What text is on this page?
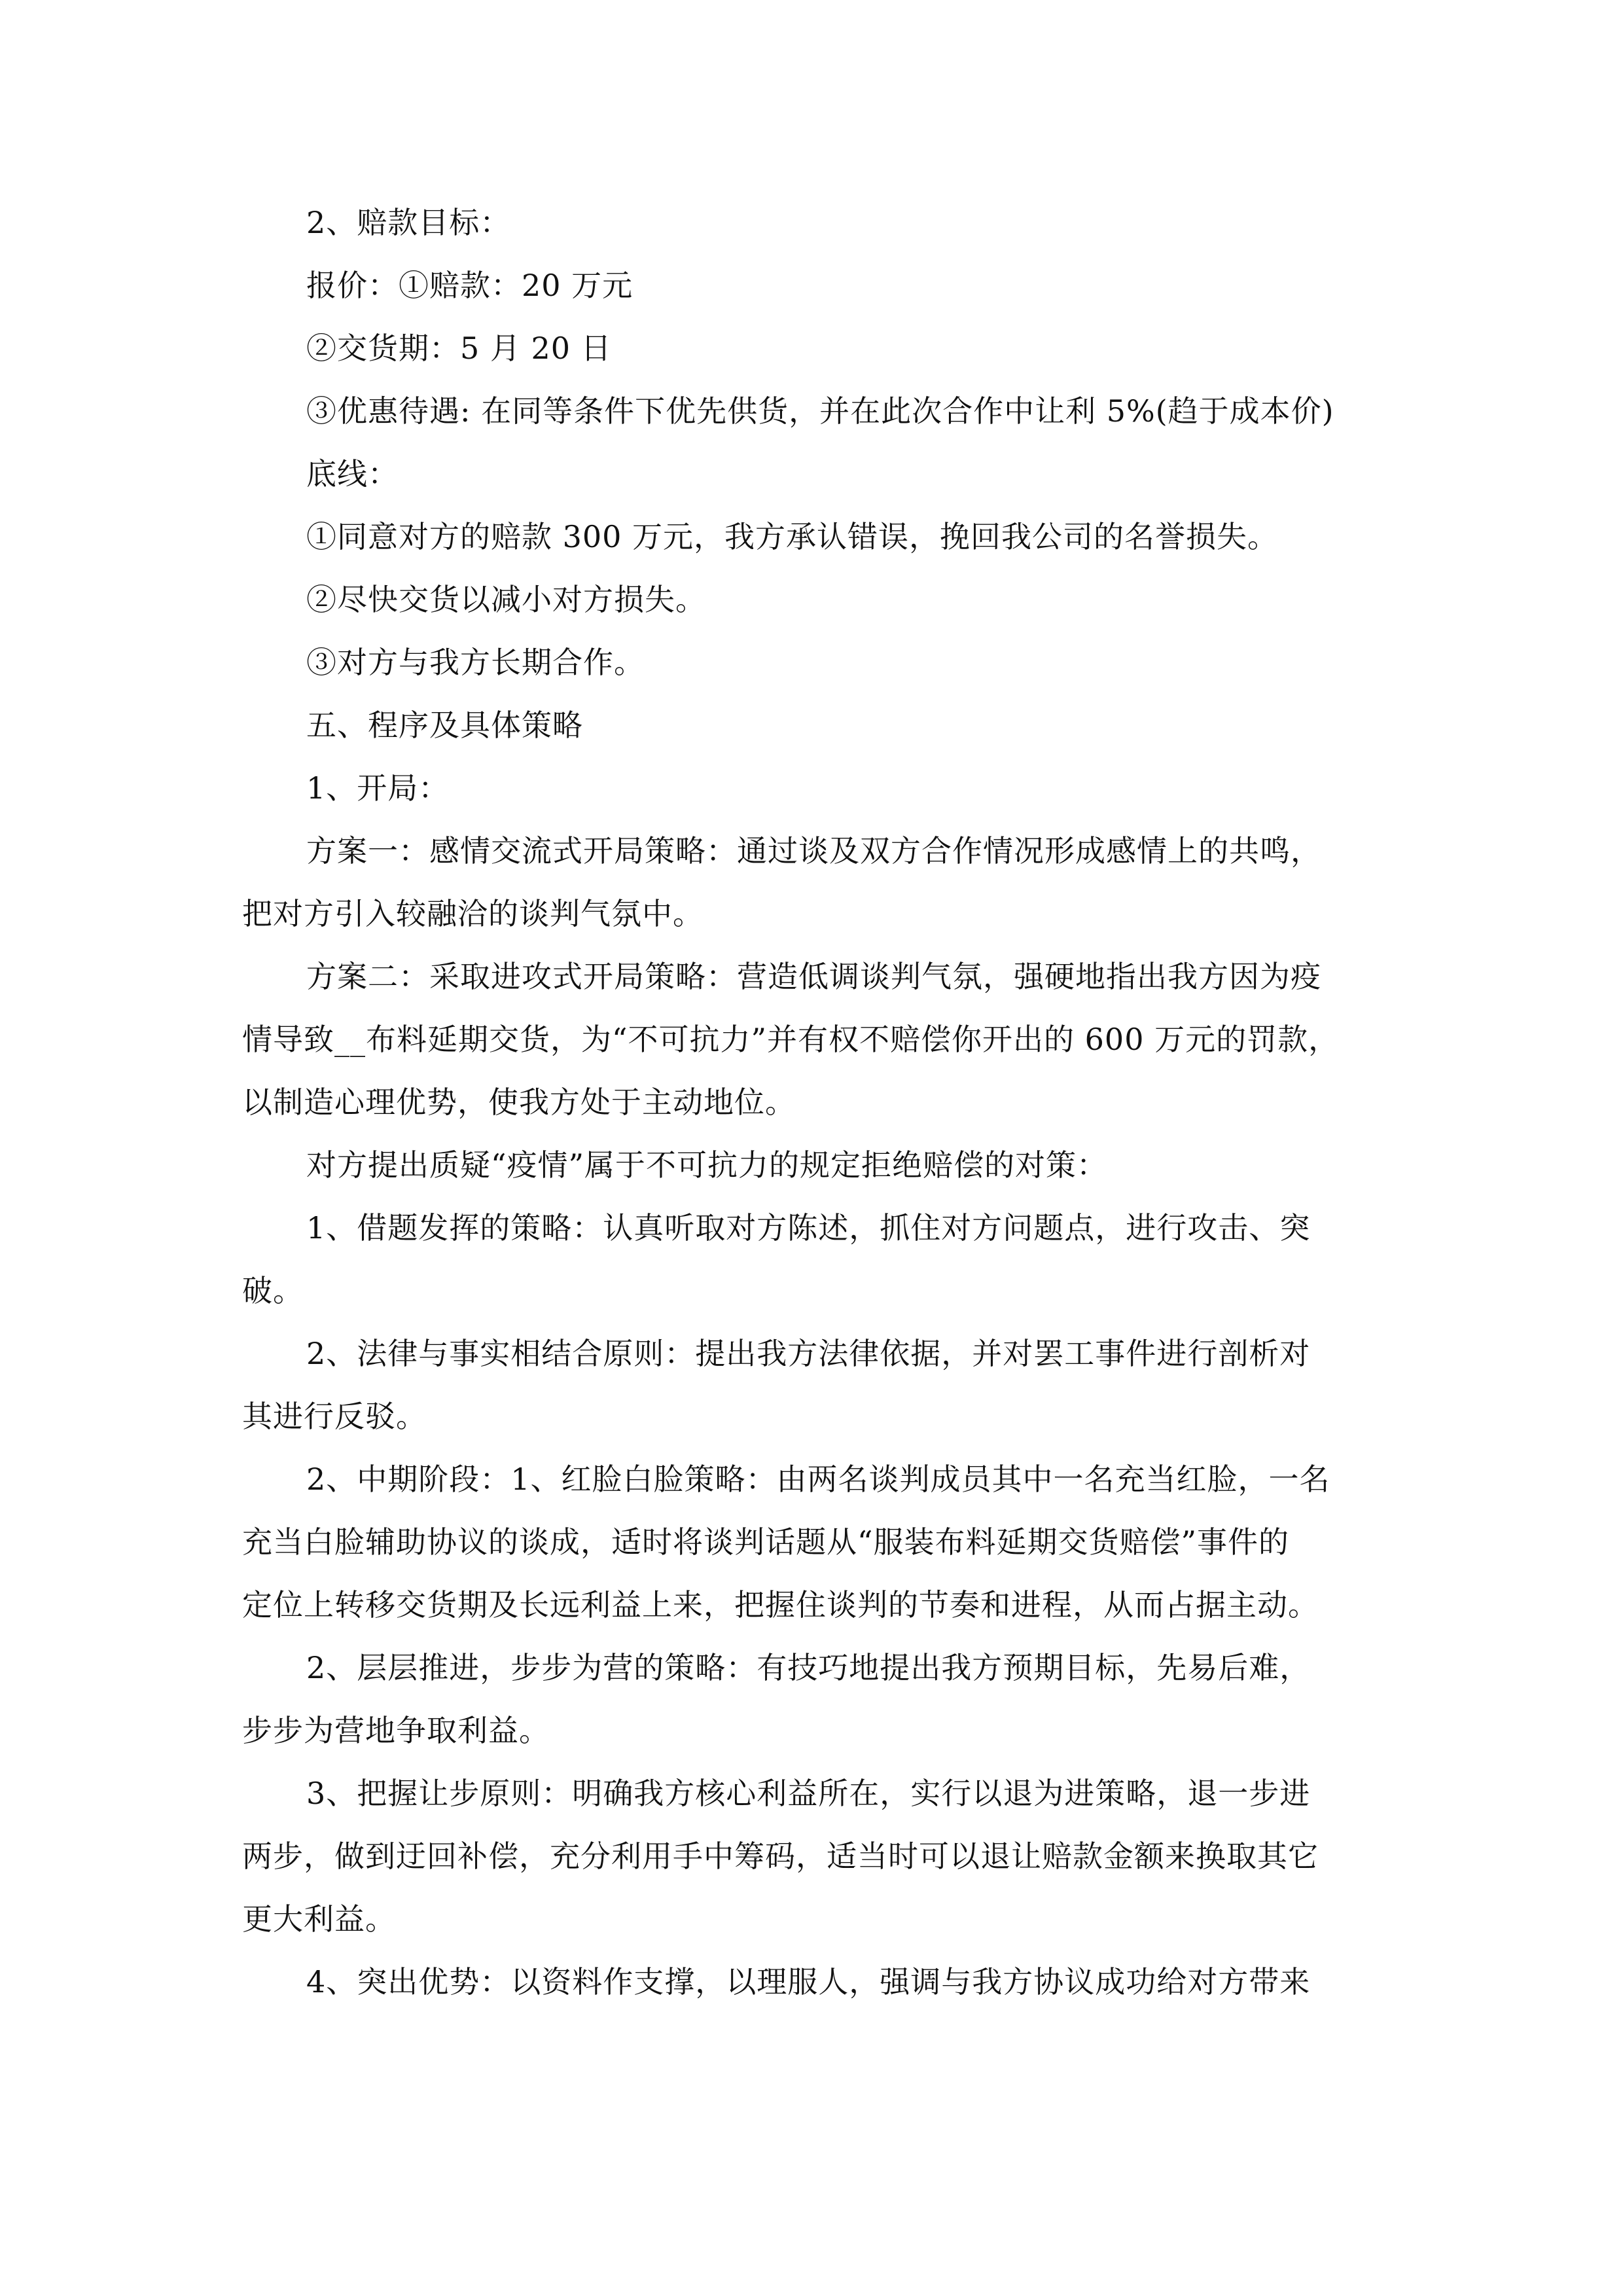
2、赔款目标：
报价：①赔款：20 万元
②交货期：5 月 20 日
③优惠待遇: 在同等条件下优先供货，并在此次合作中让利 5%(趋于成本价)
底线：
①同意对方的赔款 300 万元，我方承认错误，挽回我公司的名誉损失。
②尽快交货以减小对方损失。
③对方与我方长期合作。
五、程序及具体策略
1、开局：
方案一：感情交流式开局策略：通过谈及双方合作情况形成感情上的共鸣，
把对方引入较融洽的谈判气氛中。
方案二：采取进攻式开局策略：营造低调谈判气氛，强硬地指出我方因为疫
情导致__布料延期交货，为“不可抗力”并有权不赔偿你开出的 600 万元的罚款，
以制造心理优势，使我方处于主动地位。
对方提出质疑“疫情”属于不可抗力的规定拒绝赔偿的对策：
1、借题发挥的策略：认真听取对方陈述，抓住对方问题点，进行攻击、突
破。
2、法律与事实相结合原则：提出我方法律依据，并对罢工事件进行剖析对
其进行反驳。
2、中期阶段：1、红脸白脸策略：由两名谈判成员其中一名充当红脸，一名
充当白脸辅助协议的谈成，适时将谈判话题从“服装布料延期交货赔偿”事件的
定位上转移交货期及长远利益上来，把握住谈判的节奏和进程，从而占据主动。
2、层层推进，步步为营的策略：有技巧地提出我方预期目标，先易后难，
步步为营地争取利益。
3、把握让步原则：明确我方核心利益所在，实行以退为进策略，退一步进
两步，做到迂回补偿，充分利用手中筹码，适当时可以退让赔款金额来换取其它
更大利益。
4、突出优势：以资料作支撑，以理服人，强调与我方协议成功给对方带来
